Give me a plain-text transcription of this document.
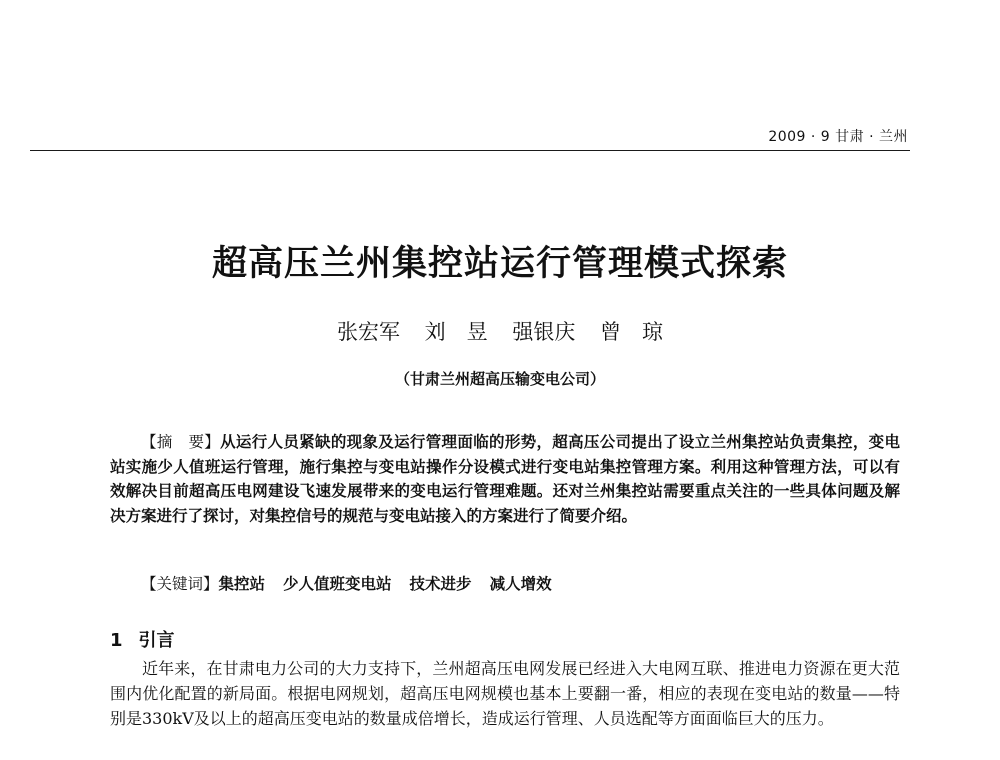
2009 · 9 甘肃 · 兰州
超高压兰州集控站运行管理模式探索
张宏军 刘　昱 强银庆 曾　琼
（甘肃兰州超高压输变电公司）

【摘　要】从运行人员紧缺的现象及运行管理面临的形势，超高压公司提出了设立兰州集控站负责集控，变电站实施少人值班运行管理，施行集控与变电站操作分设模式进行变电站集控管理方案。利用这种管理方法，可以有效解决目前超高压电网建设飞速发展带来的变电运行管理难题。还对兰州集控站需要重点关注的一些具体问题及解决方案进行了探讨，对集控信号的规范与变电站接入的方案进行了简要介绍。

【关键词】集控站 少人值班变电站 技术进步 减人增效
1 引言

近年来，在甘肃电力公司的大力支持下，兰州超高压电网发展已经进入大电网互联、推进电力资源在更大范围内优化配置的新局面。根据电网规划，超高压电网规模也基本上要翻一番，相应的表现在变电站的数量——特别是330kV及以上的超高压变电站的数量成倍增长，造成运行管理、人员选配等方面面临巨大的压力。
